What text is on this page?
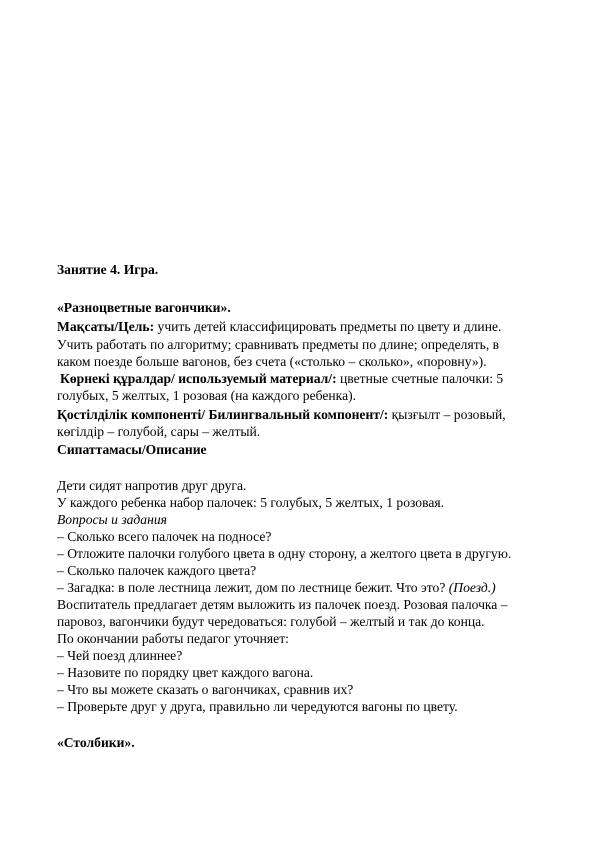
Занятие 4. Игра.
«Разноцветные вагончики».
Мақсаты/Цель: учить детей классифицировать предметы по цвету и длине.
Учить работать по алгоритму; сравнивать предметы по длине; определять, в
каком поезде больше вагонов, без счета («столько – сколько», «поровну»).
Көрнекі құралдар/ используемый материал/: цветные счетные палочки: 5
голубых, 5 желтых, 1 розовая (на каждого ребенка).
Қостілділік компоненті/ Билингвальный компонент/: қызғылт – розовый,
көгілдір – голубой, сары – желтый.
Сипаттамасы/Описание
Дети сидят напротив друг друга.
У каждого ребенка набор палочек: 5 голубых, 5 желтых, 1 розовая.
Вопросы и задания
– Сколько всего палочек на подносе?
– Отложите палочки голубого цвета в одну сторону, а желтого цвета в другую.
– Сколько палочек каждого цвета?
– Загадка: в поле лестница лежит, дом по лестнице бежит. Что это? (Поезд.)
Воспитатель предлагает детям выложить из палочек поезд. Розовая палочка –
паровоз, вагончики будут чередоваться: голубой – желтый и так до конца.
По окончании работы педагог уточняет:
– Чей поезд длиннее?
– Назовите по порядку цвет каждого вагона.
– Что вы можете сказать о вагончиках, сравнив их?
– Проверьте друг у друга, правильно ли чередуются вагоны по цвету.
«Столбики».
